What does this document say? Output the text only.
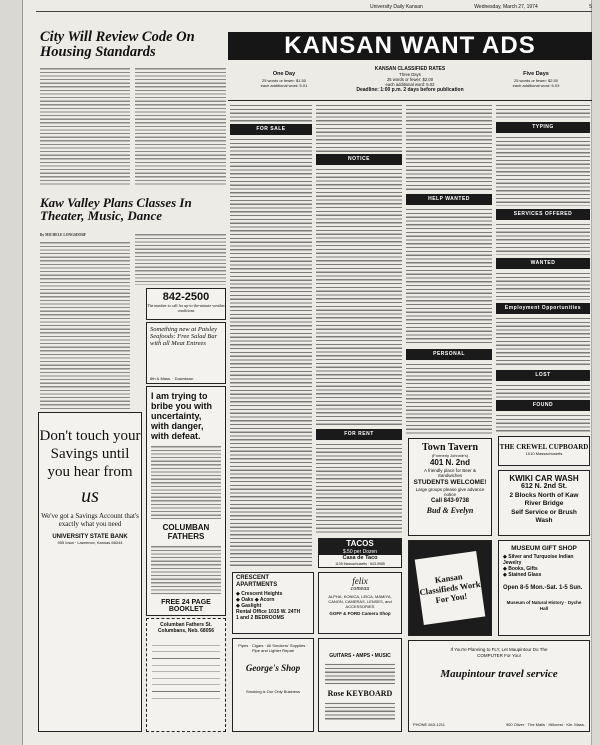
University Daily Kansan	Wednesday, March 27, 1974	5
City Will Review Code On Housing Standards
Kaw Valley Plans Classes In Theater, Music, Dance
By MICHELE LONGSDORF
Don't touch your Savings until you hear from
us
We've got a Savings Account that's exactly what you need
UNIVERSITY STATE BANK
955 Iowa · Lawrence, Kansas 66044
842-2500
The number to call for up-to-the-minute weather conditions
Something new at Paisley Seafoods: Free Salad Bar with all Meat Entrees
8th & Mass. · Downtown
I am trying to bribe you with uncertainty, with danger, with defeat.
COLUMBAN FATHERS
FREE 24 PAGE BOOKLET
Columban Fathers St. Columbans, Neb. 68056
KANSAN WANT ADS
One Day
25 words or fewer: $1.50
each additional word: 5.01
KANSAN CLASSIFIED RATES
Three Days
25 words or fewer: $2.00
each additional word: 5.02
Deadline: 1:00 p.m. 2 days before publication
Five Days
25 words or fewer: $2.50
each additional word: 6.03
FOR SALE
NOTICE
FOR RENT
HELP WANTED
PERSONAL
TYPING
SERVICES OFFERED
WANTED
Employment Opportunities
LOST
FOUND
Town Tavern
(Formerly Johnnie's)
401 N. 2nd
A friendly place for Beer & Sandwiches
STUDENTS WELCOME!
Large groups please give advance notice
Call 843-9738
Bud & Evelyn
THE CREWEL CUPBOARD
1010 Massachusetts
KWIKI CAR WASH
612 N. 2nd St.
2 Blocks North of Kaw River Bridge
Self Service or Brush Wash
TACOS
$.50 per Dozen
Casa de Taco
1105 Massachusetts · 843-9985
CRESCENT APARTMENTS
◆ Crescent Heights
◆ Oaks ◆ Acorn
◆ Gaslight
Rental Office 1015 W. 24TH
1 and 2 BEDROOMS
felix
comeau
ALPHA, KONICA, LEICA, MAMIYA, CANON, CAMERAS, LENSES, and ACCESSORIES
GOFF & FORD Camera Shop
Kansan Classifieds Work For You!
MUSEUM GIFT SHOP
◆ Silver and Turquoise Indian Jewelry
◆ Books, Gifts
◆ Stained Glass
Open 8-5 Mon.-Sat. 1-5 Sun.
Museum of Natural History · Dyche Hall
Pipes · Cigars · All Smokers' Supplies · Pipe and Lighter Repair
George's Shop
Smoking is Our Only Business
GUITARS • AMPS • MUSIC
Rose KEYBOARD
If You're Planning to FLY, Let Maupintour Do The COMPUTER For You!
Maupintour travel service
PHONE 843-1211	900 Oliver · The Malls · Hillcrest · Kle. Mass.
